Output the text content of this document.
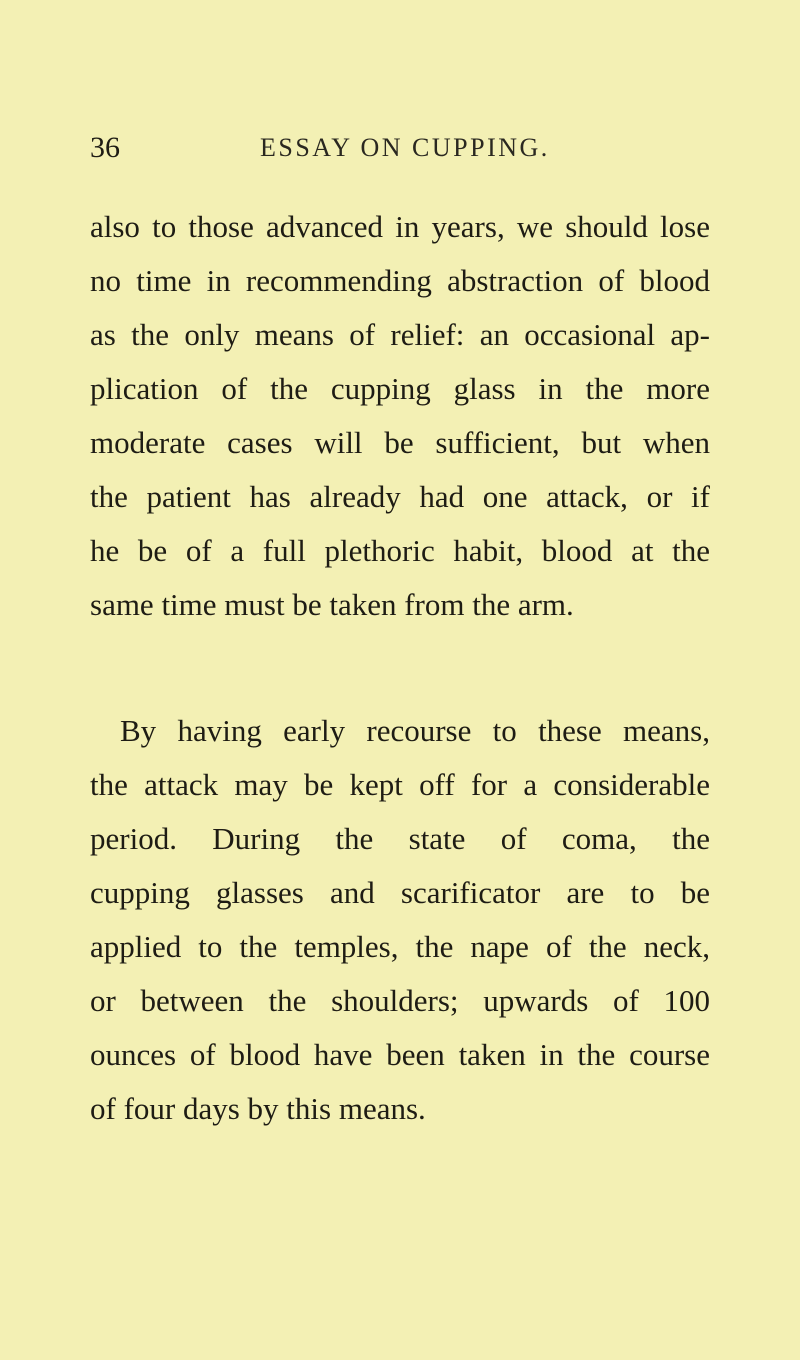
36	ESSAY ON CUPPING.
also to those advanced in years, we should lose
no time in recommending abstraction of blood
as the only means of relief: an occasional ap-
plication of the cupping glass in the more
moderate cases will be sufficient, but when
the patient has already had one attack, or if
he be of a full plethoric habit, blood at the
same time must be taken from the arm.
By having early recourse to these means,
the attack may be kept off for a considerable
period. During the state of coma, the
cupping glasses and scarificator are to be
applied to the temples, the nape of the neck,
or between the shoulders; upwards of 100
ounces of blood have been taken in the course
of four days by this means.
